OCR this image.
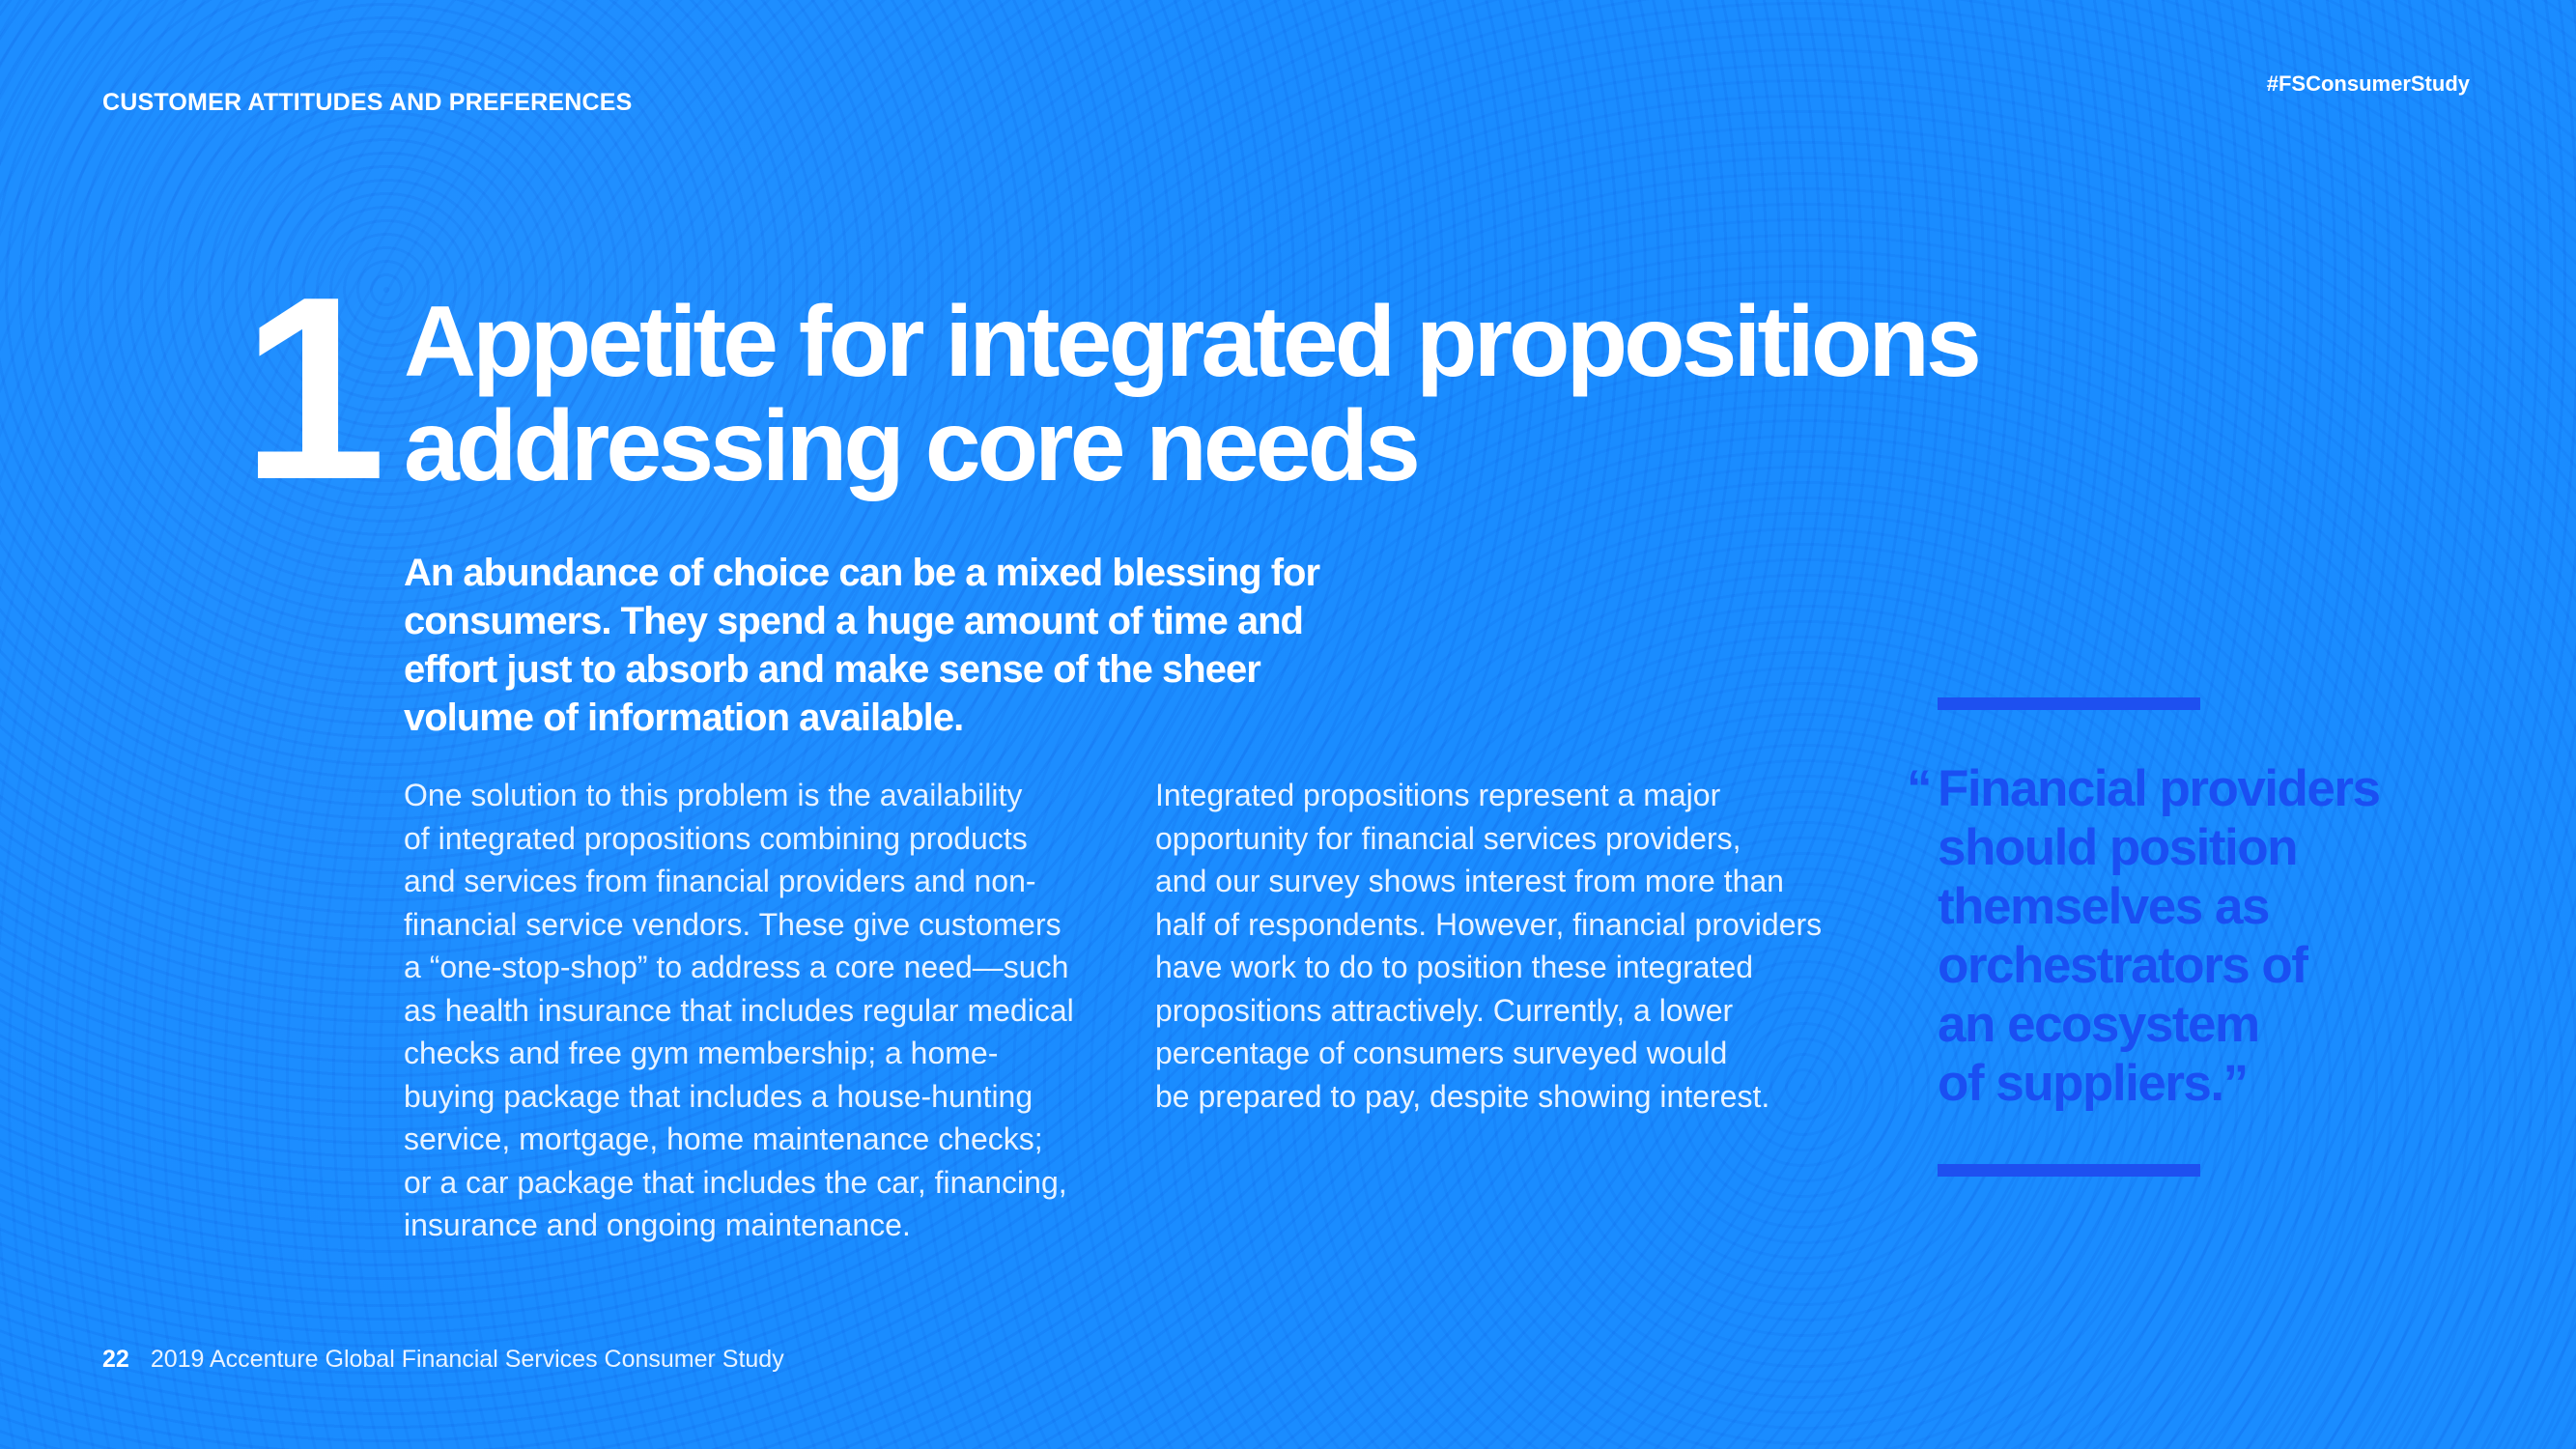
CUSTOMER ATTITUDES AND PREFERENCES
#FSConsumerStudy
1 Appetite for integrated propositions
addressing core needs
An abundance of choice can be a mixed blessing for
consumers. They spend a huge amount of time and
effort just to absorb and make sense of the sheer
volume of information available.
One solution to this problem is the availability
of integrated propositions combining products
and services from financial providers and non-
financial service vendors. These give customers
a “one-stop-shop” to address a core need—such
as health insurance that includes regular medical
checks and free gym membership; a home-
buying package that includes a house-hunting
service, mortgage, home maintenance checks;
or a car package that includes the car, financing,
insurance and ongoing maintenance.
Integrated propositions represent a major
opportunity for financial services providers,
and our survey shows interest from more than
half of respondents. However, financial providers
have work to do to position these integrated
propositions attractively. Currently, a lower
percentage of consumers surveyed would
be prepared to pay, despite showing interest.
“ Financial providers
should position
themselves as
orchestrators of
an ecosystem
of suppliers.”
22 2019 Accenture Global Financial Services Consumer Study
